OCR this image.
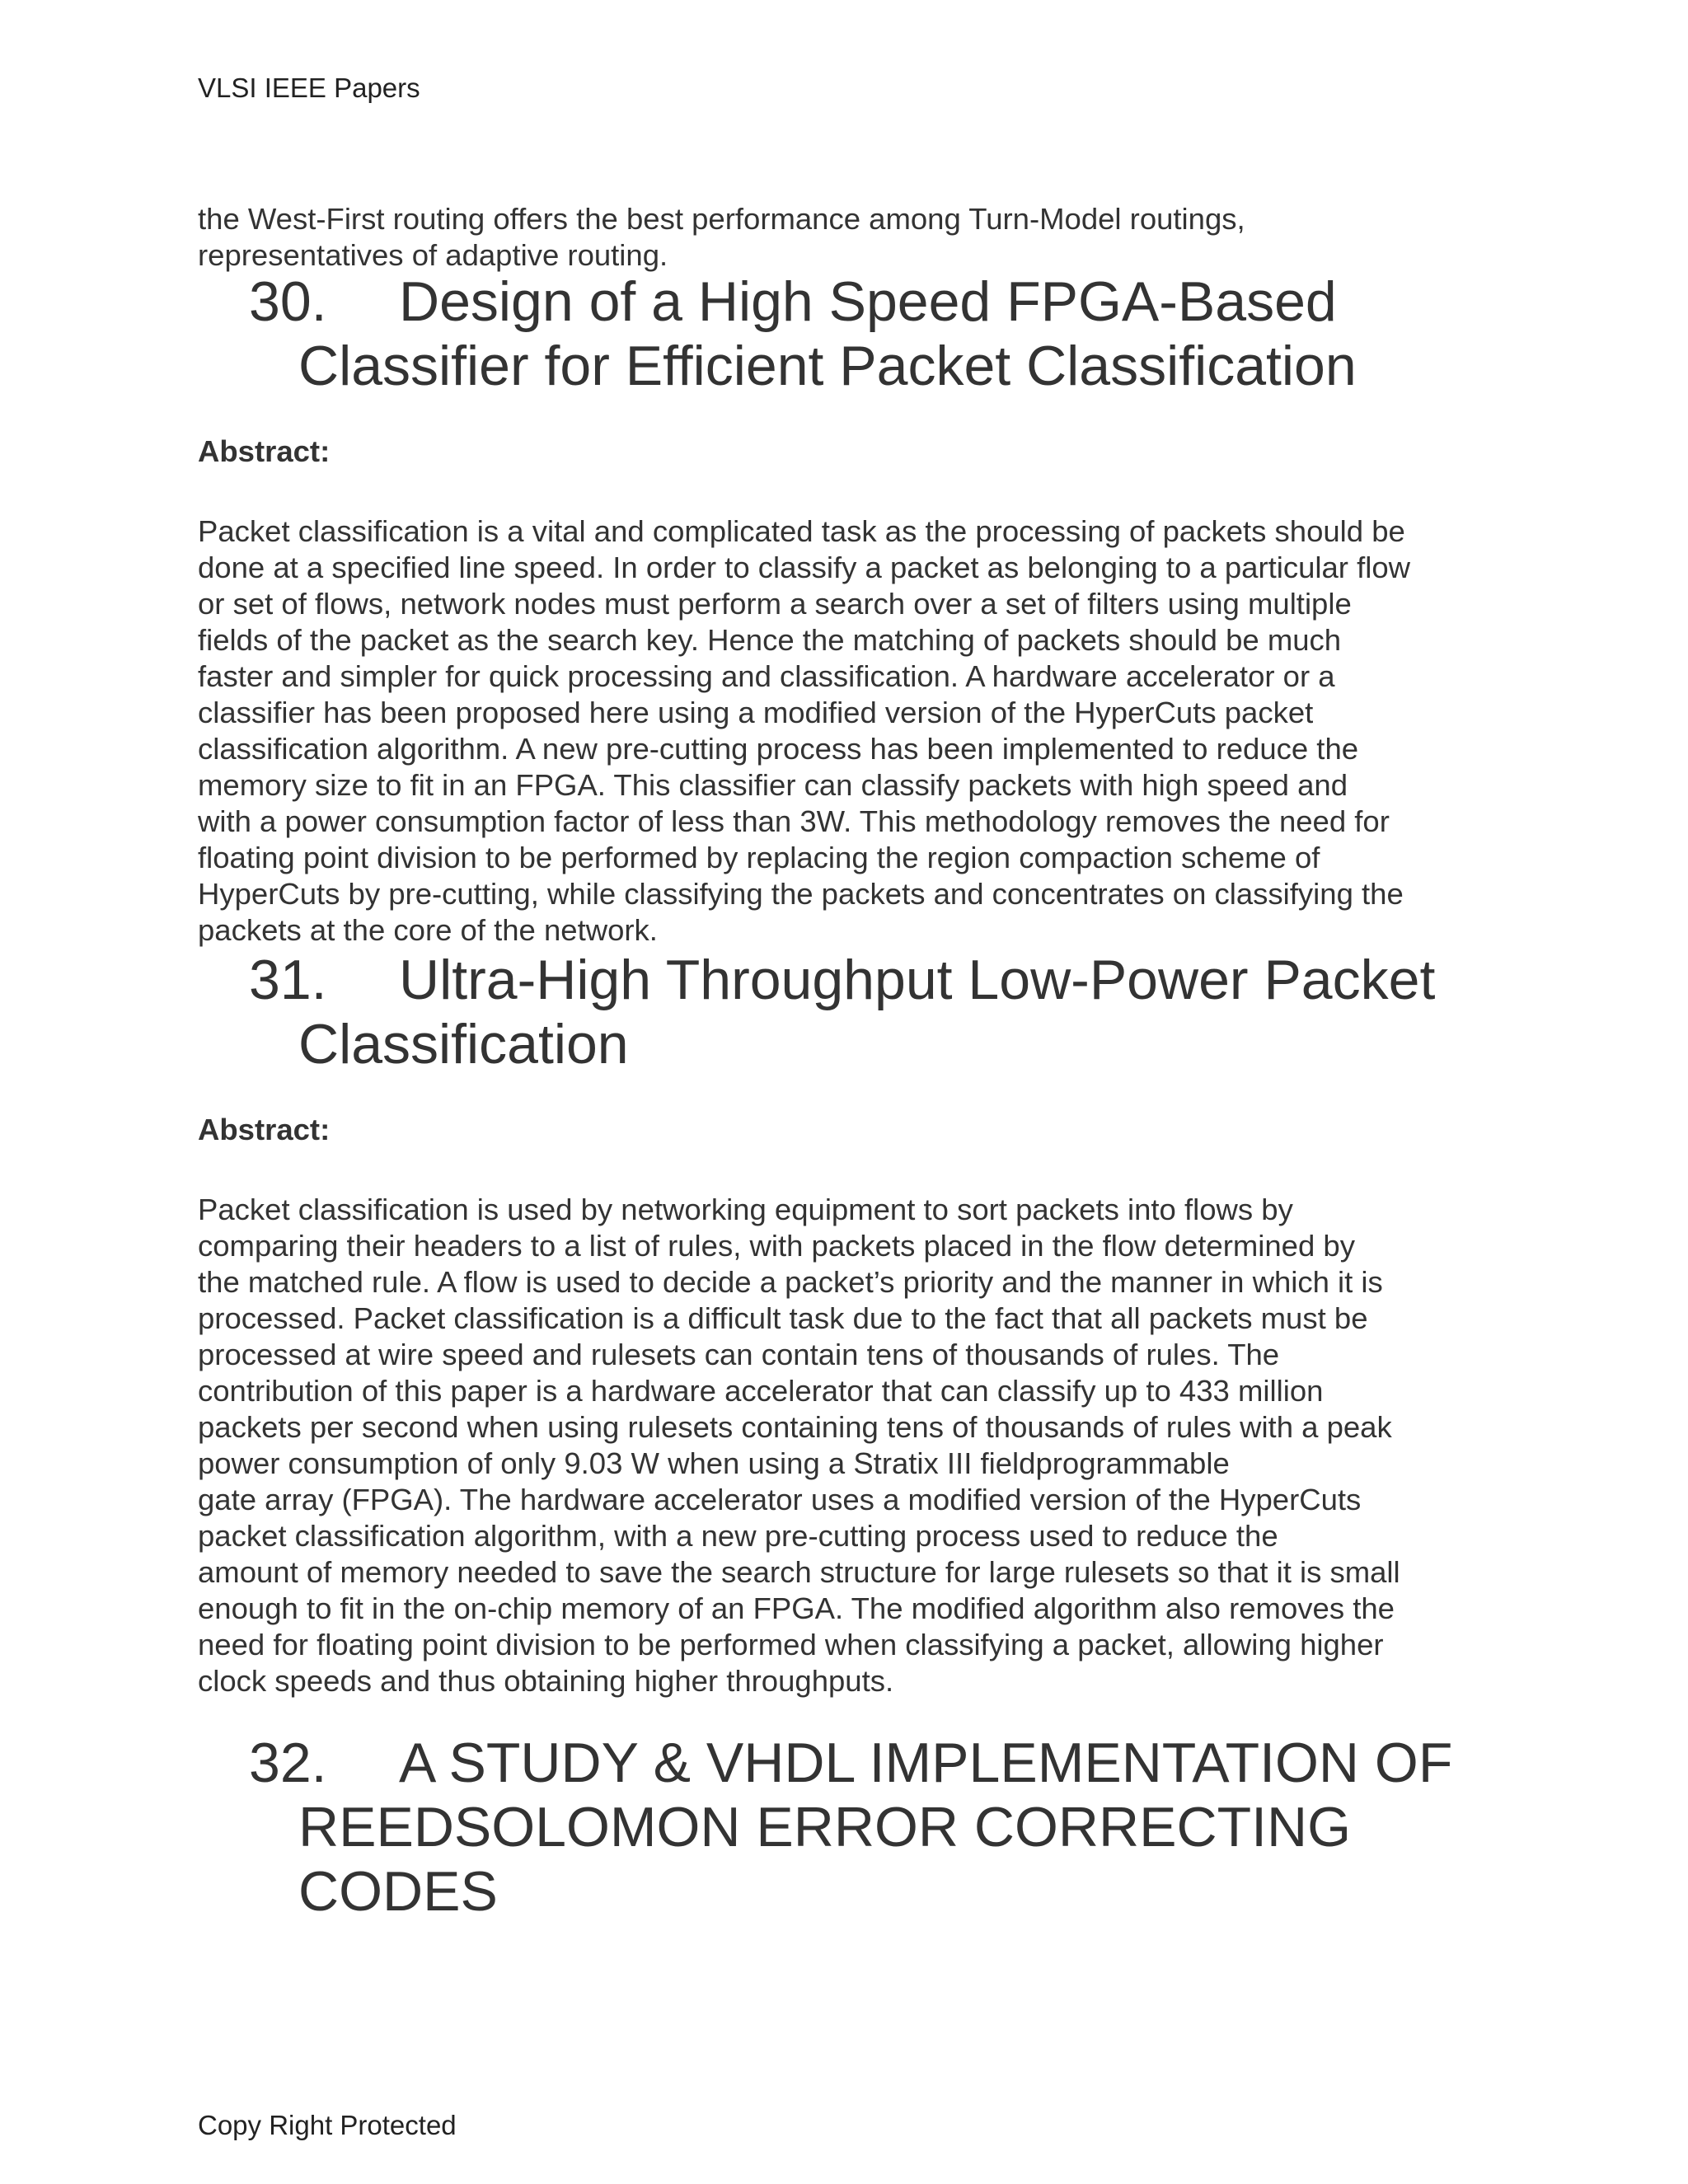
VLSI IEEE Papers

the West-First routing offers the best performance among Turn-Model routings,
representatives of adaptive routing.
30. Design of a High Speed FPGA-Based
Classifier for Efficient Packet Classification

Abstract:

Packet classification is a vital and complicated task as the processing of packets should be
done at a specified line speed. In order to classify a packet as belonging to a particular flow
or set of flows, network nodes must perform a search over a set of filters using multiple
fields of the packet as the search key. Hence the matching of packets should be much
faster and simpler for quick processing and classification. A hardware accelerator or a
classifier has been proposed here using a modified version of the HyperCuts packet
classification algorithm. A new pre-cutting process has been implemented to reduce the
memory size to fit in an FPGA. This classifier can classify packets with high speed and
with a power consumption factor of less than 3W. This methodology removes the need for
floating point division to be performed by replacing the region compaction scheme of
HyperCuts by pre-cutting, while classifying the packets and concentrates on classifying the
packets at the core of the network.
31. Ultra-High Throughput Low-Power Packet
Classification

Abstract:

Packet classification is used by networking equipment to sort packets into flows by
comparing their headers to a list of rules, with packets placed in the flow determined by
the matched rule. A flow is used to decide a packet’s priority and the manner in which it is
processed. Packet classification is a difficult task due to the fact that all packets must be
processed at wire speed and rulesets can contain tens of thousands of rules. The
contribution of this paper is a hardware accelerator that can classify up to 433 million
packets per second when using rulesets containing tens of thousands of rules with a peak
power consumption of only 9.03 W when using a Stratix III fieldprogrammable
gate array (FPGA). The hardware accelerator uses a modified version of the HyperCuts
packet classification algorithm, with a new pre-cutting process used to reduce the
amount of memory needed to save the search structure for large rulesets so that it is small
enough to fit in the on-chip memory of an FPGA. The modified algorithm also removes the
need for floating point division to be performed when classifying a packet, allowing higher
clock speeds and thus obtaining higher throughputs.
32. A STUDY & VHDL IMPLEMENTATION OF
REEDSOLOMON ERROR CORRECTING
CODES

Copy Right Protected
